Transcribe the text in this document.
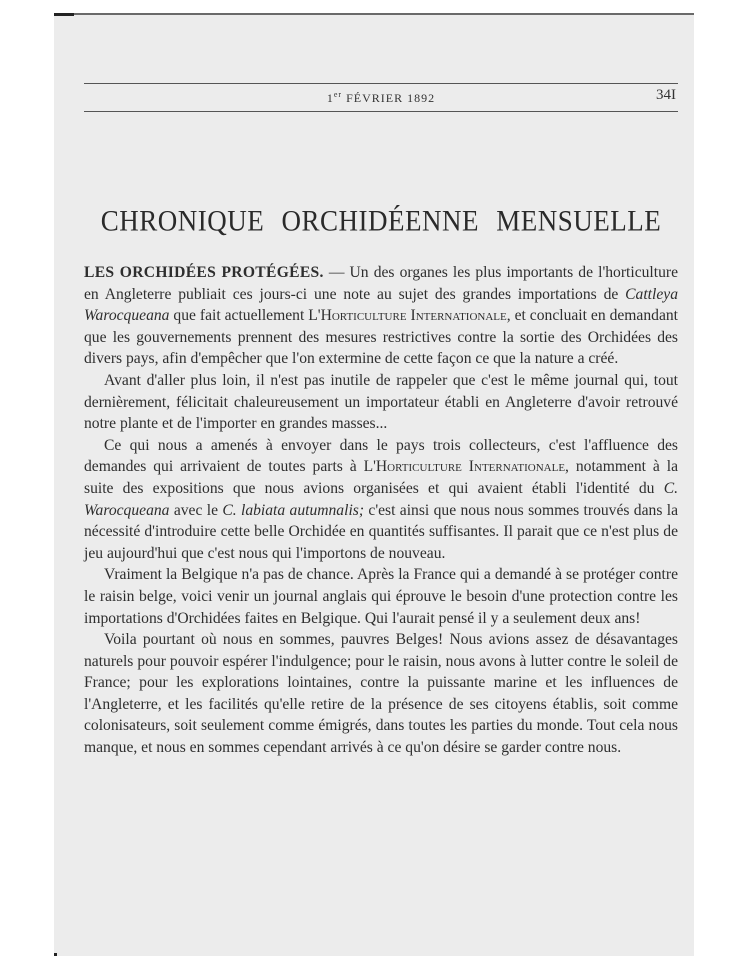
1er FÉVRIER 1892	34I
CHRONIQUE ORCHIDÉENNE MENSUELLE

LES ORCHIDÉES PROTÉGÉES. — Un des organes les plus importants de l'horticulture en Angleterre publiait ces jours-ci une note au sujet des grandes importations de Cattleya Warocqueana que fait actuellement L'Horticulture Internationale, et concluait en demandant que les gouvernements prennent des mesures restrictives contre la sortie des Orchidées des divers pays, afin d'empêcher que l'on extermine de cette façon ce que la nature a créé.

Avant d'aller plus loin, il n'est pas inutile de rappeler que c'est le même journal qui, tout dernièrement, félicitait chaleureusement un importateur établi en Angleterre d'avoir retrouvé notre plante et de l'importer en grandes masses...

Ce qui nous a amenés à envoyer dans le pays trois collecteurs, c'est l'affluence des demandes qui arrivaient de toutes parts à L'Horticulture Internationale, notamment à la suite des expositions que nous avions organisées et qui avaient établi l'identité du C. Warocqueana avec le C. labiata autumnalis; c'est ainsi que nous nous sommes trouvés dans la nécessité d'introduire cette belle Orchidée en quantités suffisantes. Il parait que ce n'est plus de jeu aujourd'hui que c'est nous qui l'importons de nouveau.

Vraiment la Belgique n'a pas de chance. Après la France qui a demandé à se protéger contre le raisin belge, voici venir un journal anglais qui éprouve le besoin d'une protection contre les importations d'Orchidées faites en Belgique. Qui l'aurait pensé il y a seulement deux ans!

Voila pourtant où nous en sommes, pauvres Belges! Nous avions assez de désavantages naturels pour pouvoir espérer l'indulgence; pour le raisin, nous avons à lutter contre le soleil de France; pour les explorations lointaines, contre la puissante marine et les influences de l'Angleterre, et les facilités qu'elle retire de la présence de ses citoyens établis, soit comme colonisateurs, soit seulement comme émigrés, dans toutes les parties du monde. Tout cela nous manque, et nous en sommes cependant arrivés à ce qu'on désire se garder contre nous.
